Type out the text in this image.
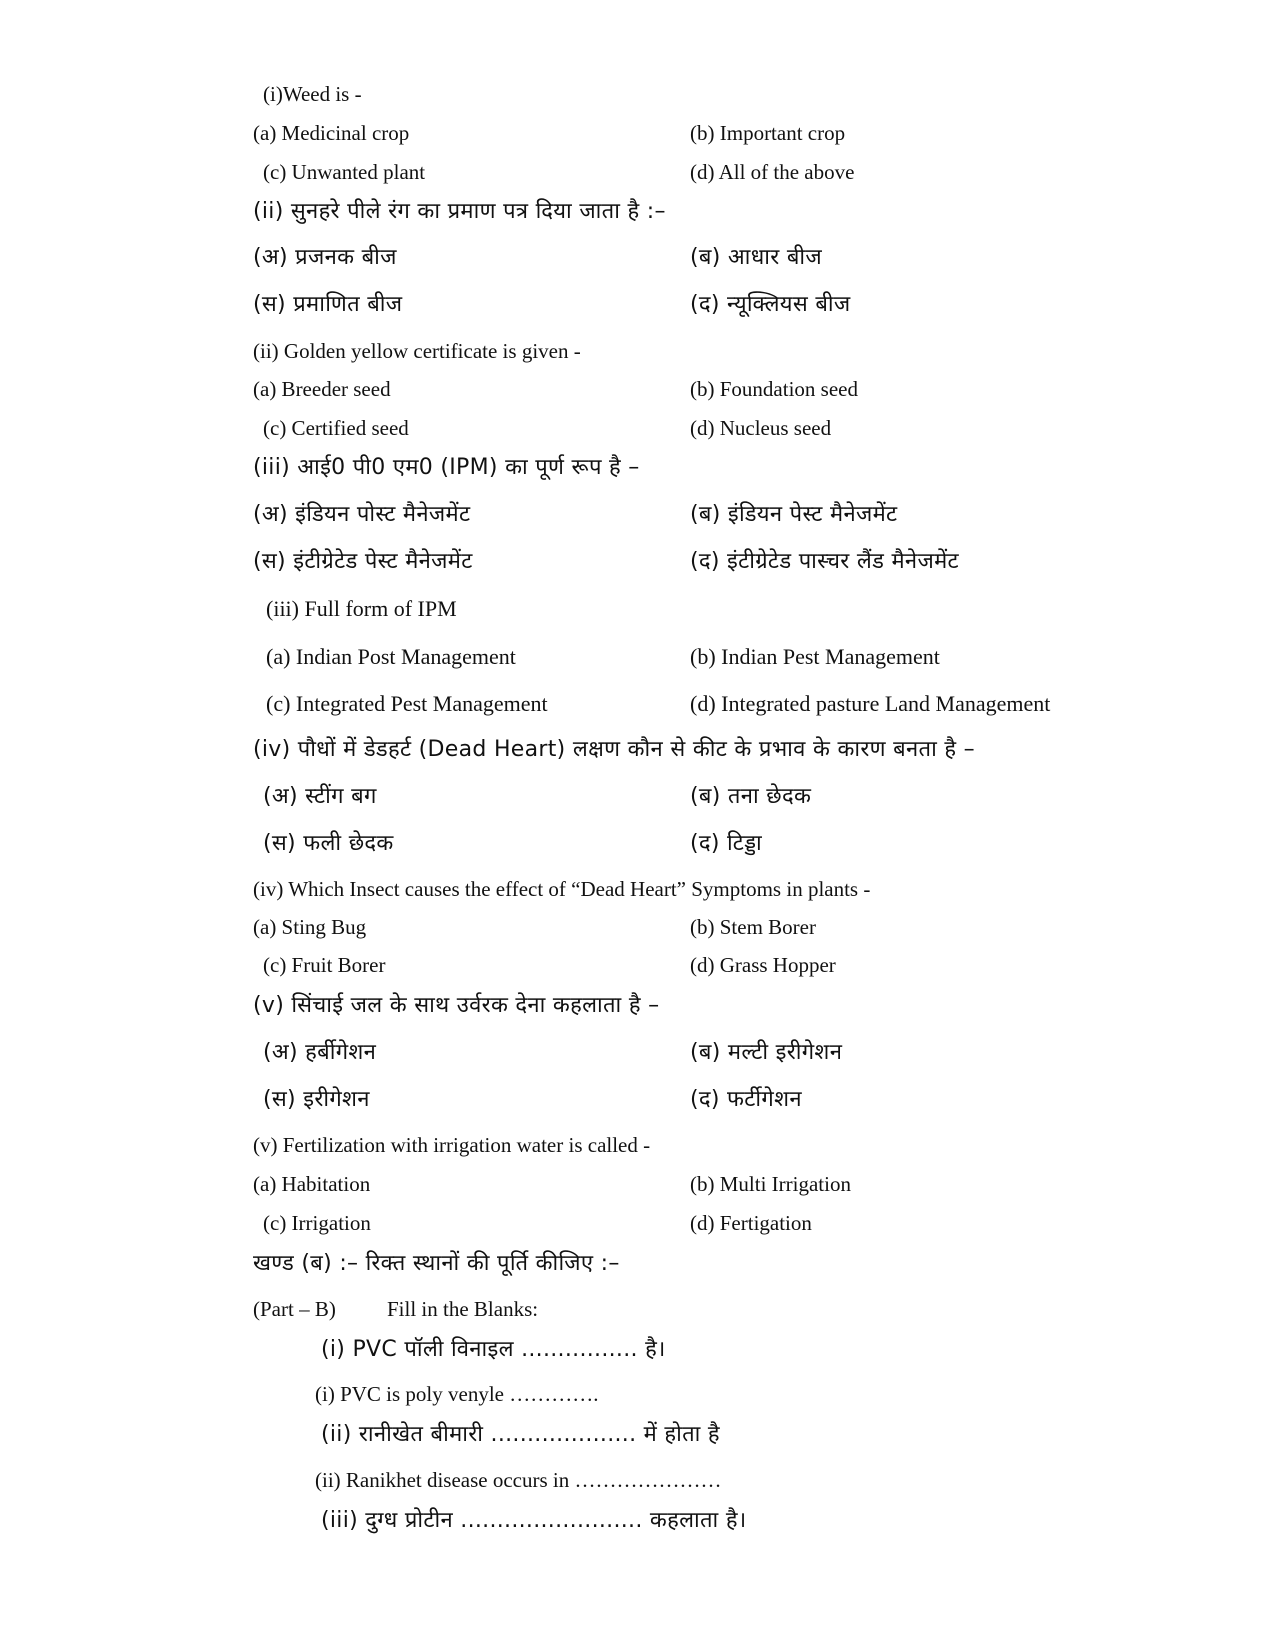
(i)Weed is -
(a) Medicinal crop	(b) Important crop
(c) Unwanted plant	(d) All of the above
(ii) सुनहरे पीले रंग का प्रमाण पत्र दिया जाता है :–
(अ) प्रजनक बीज	(ब) आधार बीज
(स) प्रमाणित बीज	(द) न्यूक्लियस बीज
(ii) Golden yellow certificate is given -
(a) Breeder seed	(b) Foundation seed
(c) Certified seed	(d) Nucleus seed
(iii) आई0 पी0 एम0 (IPM) का पूर्ण रूप है –
(अ) इंडियन पोस्ट मैनेजमेंट	(ब) इंडियन पेस्ट मैनेजमेंट
(स) इंटीग्रेटेड पेस्ट मैनेजमेंट	(द) इंटीग्रेटेड पास्चर लैंड मैनेजमेंट
(iii) Full form of IPM
(a) Indian Post Management	(b) Indian Pest Management
(c) Integrated Pest Management	(d) Integrated pasture Land Management
(iv) पौधों में डेडहर्ट (Dead Heart) लक्षण कौन से कीट के प्रभाव के कारण बनता है –
(अ) स्टींग बग	(ब) तना छेदक
(स) फली छेदक	(द) टिड्डा
(iv) Which Insect causes the effect of “Dead Heart” Symptoms in plants -
(a) Sting Bug	(b) Stem Borer
(c) Fruit Borer	(d) Grass Hopper
(v) सिंचाई जल के साथ उर्वरक देना कहलाता है –
(अ) हर्बीगेशन	(ब) मल्टी इरीगेशन
(स) इरीगेशन	(द) फर्टीगेशन
(v) Fertilization with irrigation water is called -
(a) Habitation	(b) Multi Irrigation
(c) Irrigation	(d) Fertigation
खण्ड (ब) :– रिक्त स्थानों की पूर्ति कीजिए :–
(Part – B) Fill in the Blanks:
(i) PVC पॉली विनाइल ................ है।
(i) PVC is poly venyle ………….
(ii) रानीखेत बीमारी .................... में होता है
(ii) Ranikhet disease occurs in …………………
(iii) दुग्ध प्रोटीन ......................... कहलाता है।
